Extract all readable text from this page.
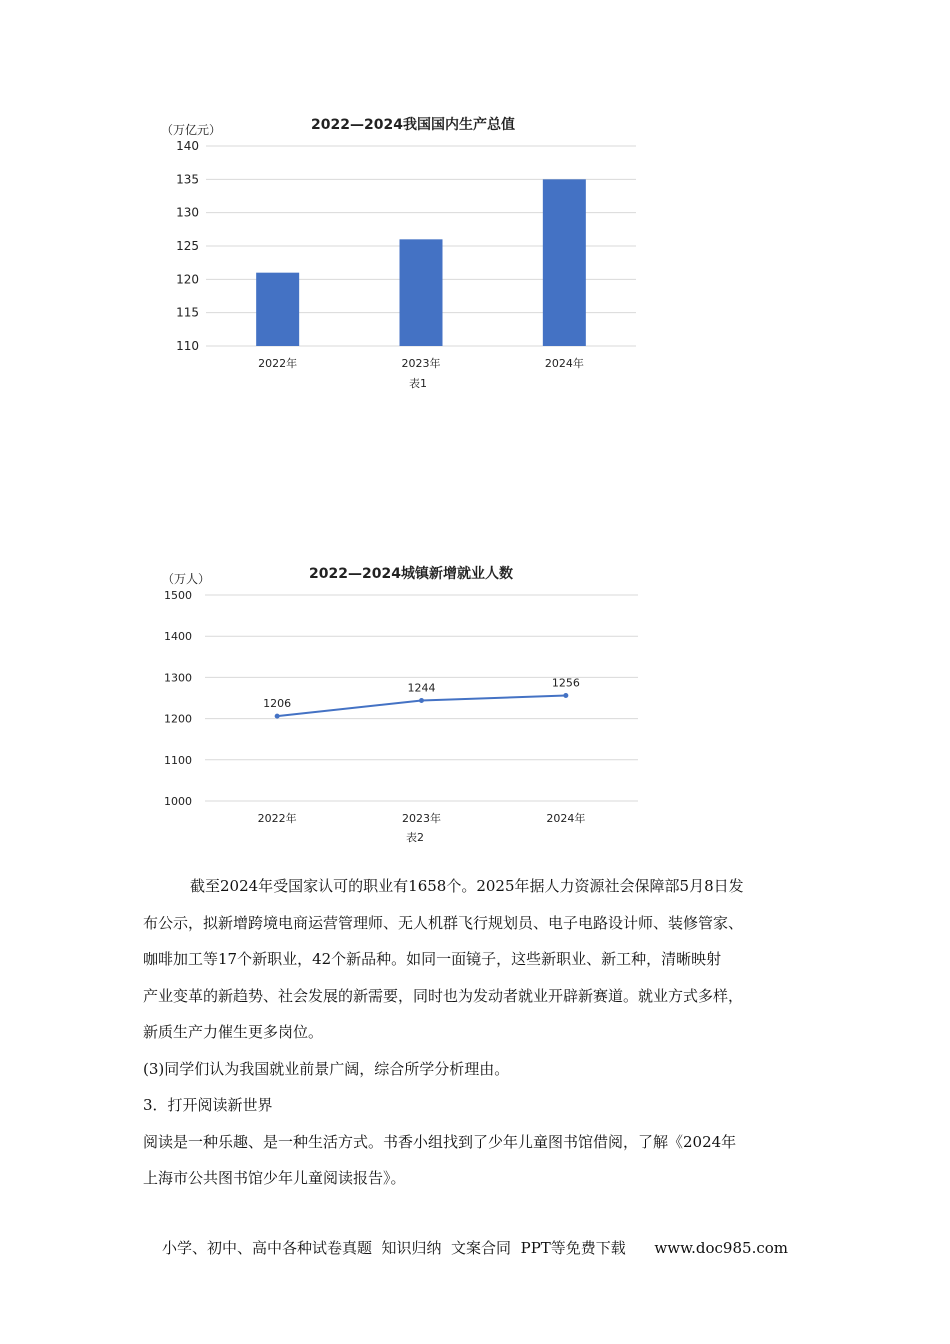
2022—2024我国国内生产总值
（万亿元）
110
115
120
125
130
135
140
2022年	2023年	2024年
表1
2022—2024城镇新增就业人数
（万人）
1000
1100
1200
1300
1400
1500
1206
1244	1256
2022年	2023年	2024年
表2

截至2024年受国家认可的职业有1658个。2025年据人力资源社会保障部5月8日发

布公示，拟新增跨境电商运营管理师、无人机群飞行规划员、电子电路设计师、装修管家、

咖啡加工等17个新职业，42个新品种。如同一面镜子，这些新职业、新工种，清晰映射

产业变革的新趋势、社会发展的新需要，同时也为发动者就业开辟新赛道。就业方式多样，

新质生产力催生更多岗位。

(3)同学们认为我国就业前景广阔，综合所学分析理由。

3．打开阅读新世界

阅读是一种乐趣、是一种生活方式。书香小组找到了少年儿童图书馆借阅，了解《2024年

上海市公共图书馆少年儿童阅读报告》。

小学、初中、高中各种试卷真题  知识归纳  文案合同  PPT等免费下载      www.doc985.com
